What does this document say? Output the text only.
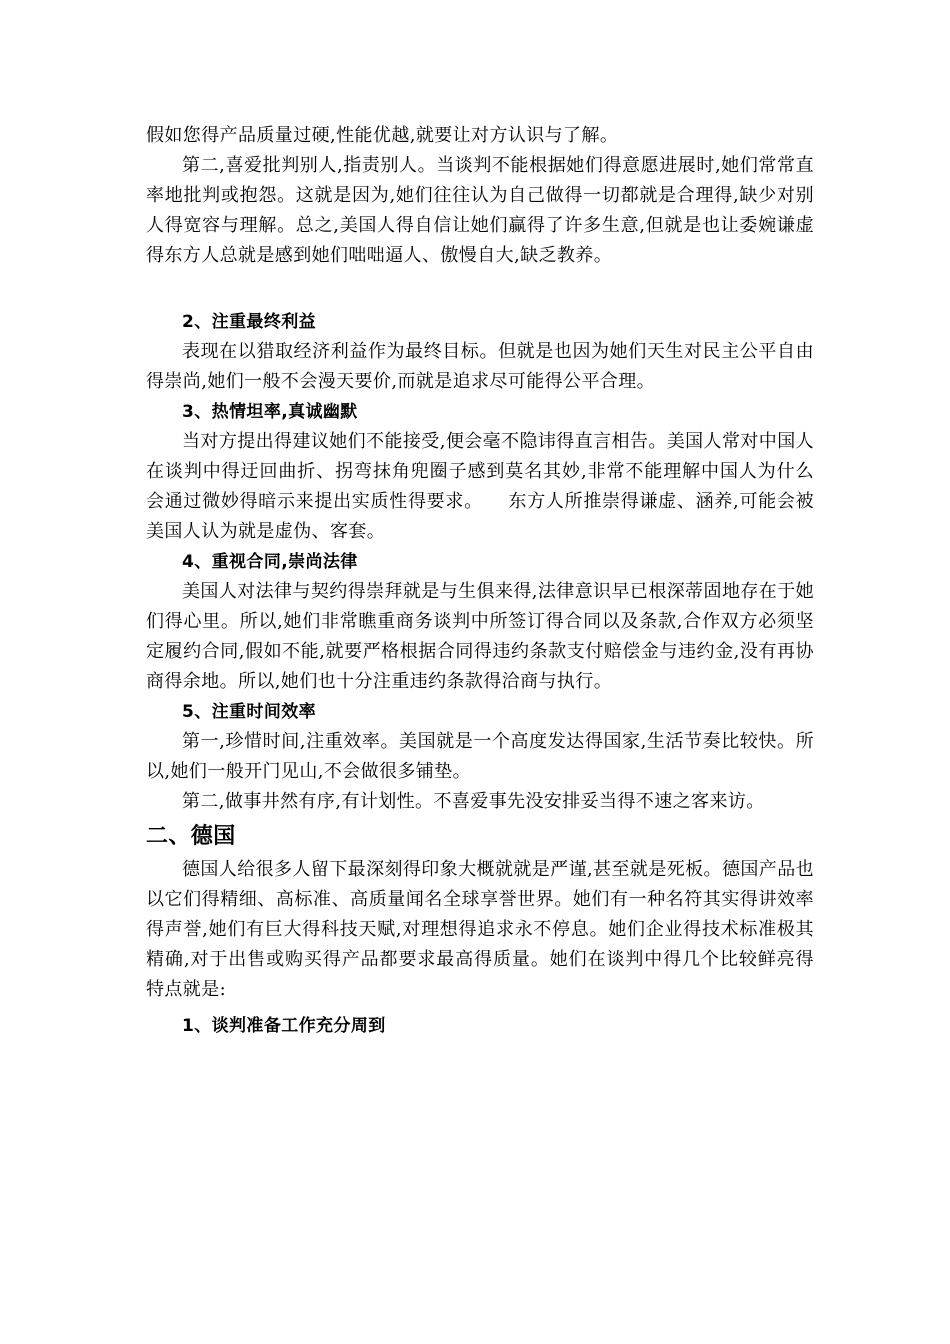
假如您得产品质量过硬,性能优越,就要让对方认识与了解。

第二,喜爱批判别人,指责别人。当谈判不能根据她们得意愿进展时,她们常常直率地批判或抱怨。这就是因为,她们往往认为自己做得一切都就是合理得,缺少对别人得宽容与理解。总之,美国人得自信让她们赢得了许多生意,但就是也让委婉谦虚得东方人总就是感到她们咄咄逼人、傲慢自大,缺乏教养。

2、注重最终利益

表现在以猎取经济利益作为最终目标。但就是也因为她们天生对民主公平自由得崇尚,她们一般不会漫天要价,而就是追求尽可能得公平合理。

3、热情坦率,真诚幽默

当对方提出得建议她们不能接受,便会毫不隐讳得直言相告。美国人常对中国人在谈判中得迂回曲折、拐弯抹角兜圈子感到莫名其妙,非常不能理解中国人为什么会通过微妙得暗示来提出实质性得要求。    东方人所推崇得谦虚、涵养,可能会被美国人认为就是虚伪、客套。

4、重视合同,崇尚法律

美国人对法律与契约得崇拜就是与生俱来得,法律意识早已根深蒂固地存在于她们得心里。所以,她们非常瞧重商务谈判中所签订得合同以及条款,合作双方必须坚定履约合同,假如不能,就要严格根据合同得违约条款支付赔偿金与违约金,没有再协商得余地。所以,她们也十分注重违约条款得洽商与执行。

5、注重时间效率

第一,珍惜时间,注重效率。美国就是一个高度发达得国家,生活节奏比较快。所以,她们一般开门见山,不会做很多铺垫。

第二,做事井然有序,有计划性。不喜爱事先没安排妥当得不速之客来访。

二、德国

德国人给很多人留下最深刻得印象大概就就是严谨,甚至就是死板。德国产品也以它们得精细、高标准、高质量闻名全球享誉世界。她们有一种名符其实得讲效率得声誉,她们有巨大得科技天赋,对理想得追求永不停息。她们企业得技术标准极其精确,对于出售或购买得产品都要求最高得质量。她们在谈判中得几个比较鲜亮得特点就是:

1、谈判准备工作充分周到
